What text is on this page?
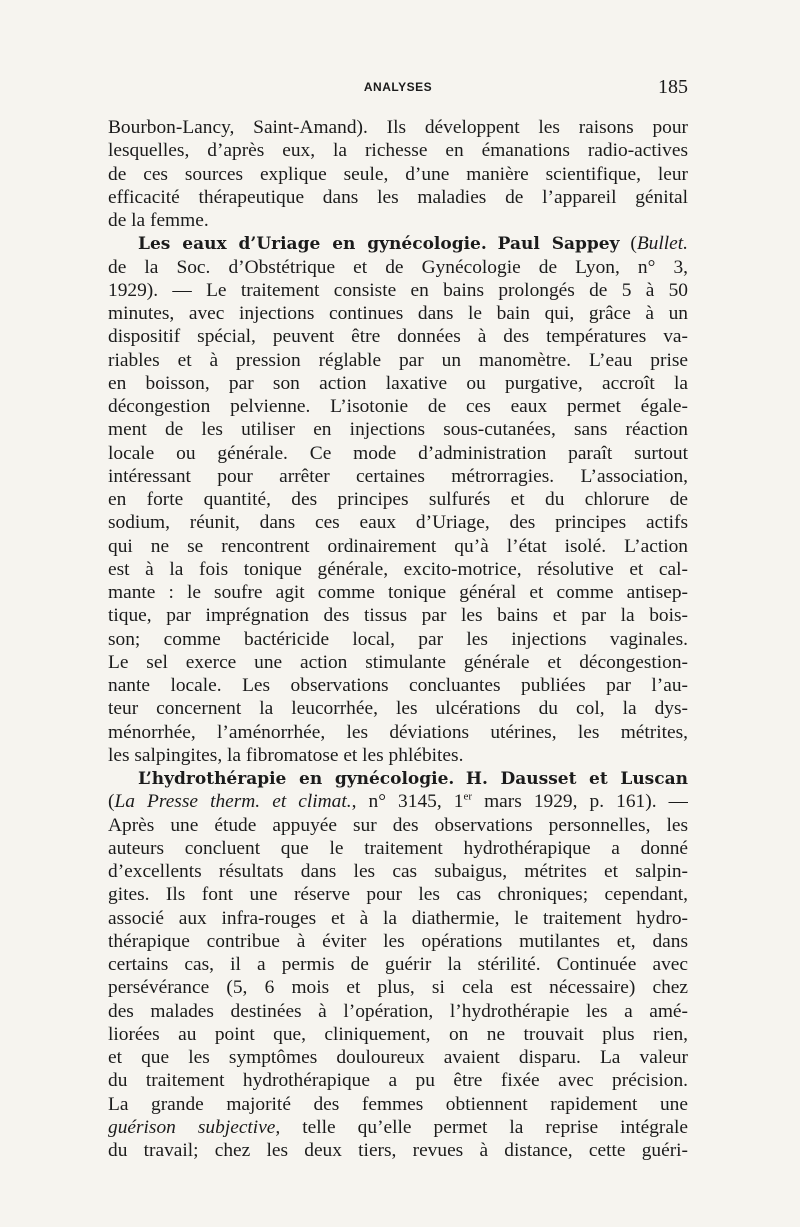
ANALYSES	185
Bourbon-Lancy, Saint-Amand). Ils développent les raisons pour
lesquelles, d’après eux, la richesse en émanations radio-actives
de ces sources explique seule, d’une manière scientifique, leur
efficacité thérapeutique dans les maladies de l’appareil génital
de la femme.
Les eaux d’Uriage en gynécologie. Paul Sappey (Bullet.
de la Soc. d’Obstétrique et de Gynécologie de Lyon, n° 3,
1929). — Le traitement consiste en bains prolongés de 5 à 50
minutes, avec injections continues dans le bain qui, grâce à un
dispositif spécial, peuvent être données à des températures va-
riables et à pression réglable par un manomètre. L’eau prise
en boisson, par son action laxative ou purgative, accroît la
décongestion pelvienne. L’isotonie de ces eaux permet égale-
ment de les utiliser en injections sous-cutanées, sans réaction
locale ou générale. Ce mode d’administration paraît surtout
intéressant pour arrêter certaines métrorragies. L’association,
en forte quantité, des principes sulfurés et du chlorure de
sodium, réunit, dans ces eaux d’Uriage, des principes actifs
qui ne se rencontrent ordinairement qu’à l’état isolé. L’action
est à la fois tonique générale, excito-motrice, résolutive et cal-
mante : le soufre agit comme tonique général et comme antisep-
tique, par imprégnation des tissus par les bains et par la bois-
son; comme bactéricide local, par les injections vaginales.
Le sel exerce une action stimulante générale et décongestion-
nante locale. Les observations concluantes publiées par l’au-
teur concernent la leucorrhée, les ulcérations du col, la dys-
ménorrhée, l’aménorrhée, les déviations utérines, les métrites,
les salpingites, la fibromatose et les phlébites.
L’hydrothérapie en gynécologie. H. Dausset et Luscan
(La Presse therm. et climat., n° 3145, 1er mars 1929, p. 161). —
Après une étude appuyée sur des observations personnelles, les
auteurs concluent que le traitement hydrothérapique a donné
d’excellents résultats dans les cas subaigus, métrites et salpin-
gites. Ils font une réserve pour les cas chroniques; cependant,
associé aux infra-rouges et à la diathermie, le traitement hydro-
thérapique contribue à éviter les opérations mutilantes et, dans
certains cas, il a permis de guérir la stérilité. Continuée avec
persévérance (5, 6 mois et plus, si cela est nécessaire) chez
des malades destinées à l’opération, l’hydrothérapie les a amé-
liorées au point que, cliniquement, on ne trouvait plus rien,
et que les symptômes douloureux avaient disparu. La valeur
du traitement hydrothérapique a pu être fixée avec précision.
La grande majorité des femmes obtiennent rapidement une
guérison subjective, telle qu’elle permet la reprise intégrale
du travail; chez les deux tiers, revues à distance, cette guéri-
